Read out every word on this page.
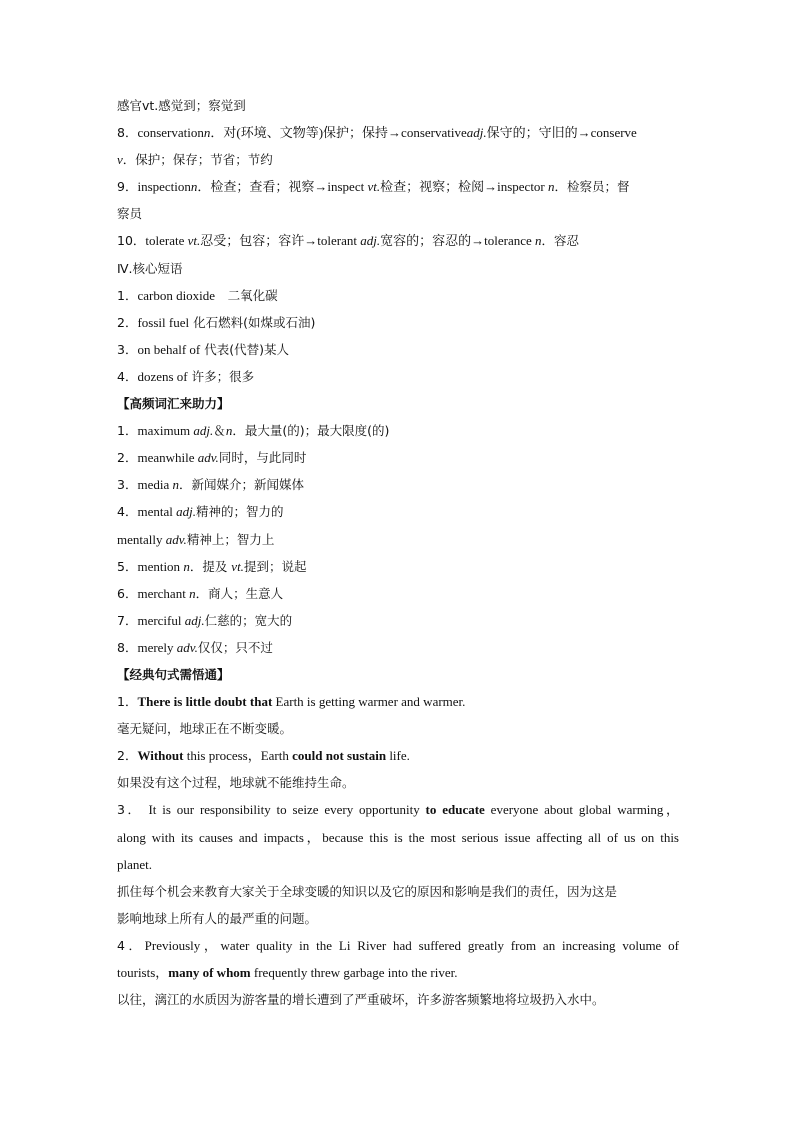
感官vt.感觉到；察觉到
8．conservationn．对(环境、文物等)保护；保持→conservativeadj.保守的；守旧的→conserve
v．保护；保存；节省；节约
9．inspectionn．检查；查看；视察→inspect vt.检查；视察；检阅→inspector n．检察员；督
察员
10．tolerate vt.忍受；包容；容许→tolerant adj.宽容的；容忍的→tolerance n．容忍
Ⅳ.核心短语
1．carbon dioxide　二氧化碳
2．fossil fuel 化石燃料(如煤或石油)
3．on behalf of 代表(代替)某人
4．dozens of 许多；很多
【高频词汇来助力】
1．maximum adj.＆n．最大量(的)；最大限度(的)
2．meanwhile adv.同时，与此同时
3．media n．新闻媒介；新闻媒体
4．mental adj.精神的；智力的
mentally adv.精神上；智力上
5．mention n．提及 vt.提到；说起
6．merchant n．商人；生意人
7．merciful adj.仁慈的；宽大的
8．merely adv.仅仅；只不过
【经典句式需悟通】
1．There is little doubt that Earth is getting warmer and warmer.
毫无疑问，地球正在不断变暖。
2．Without this process，Earth could not sustain life.
如果没有这个过程，地球就不能维持生命。
3． It is our responsibility to seize every opportunity to educate everyone about global warming，
along with its causes and impacts，because this is the most serious issue affecting all of us on this
planet.
抓住每个机会来教育大家关于全球变暖的知识以及它的原因和影响是我们的责任，因为这是
影响地球上所有人的最严重的问题。
4．Previously，water quality in the Li River had suffered greatly from an increasing volume of
tourists，many of whom frequently threw garbage into the river.
以往，漓江的水质因为游客量的增长遭到了严重破坏，许多游客频繁地将垃圾扔入水中。
